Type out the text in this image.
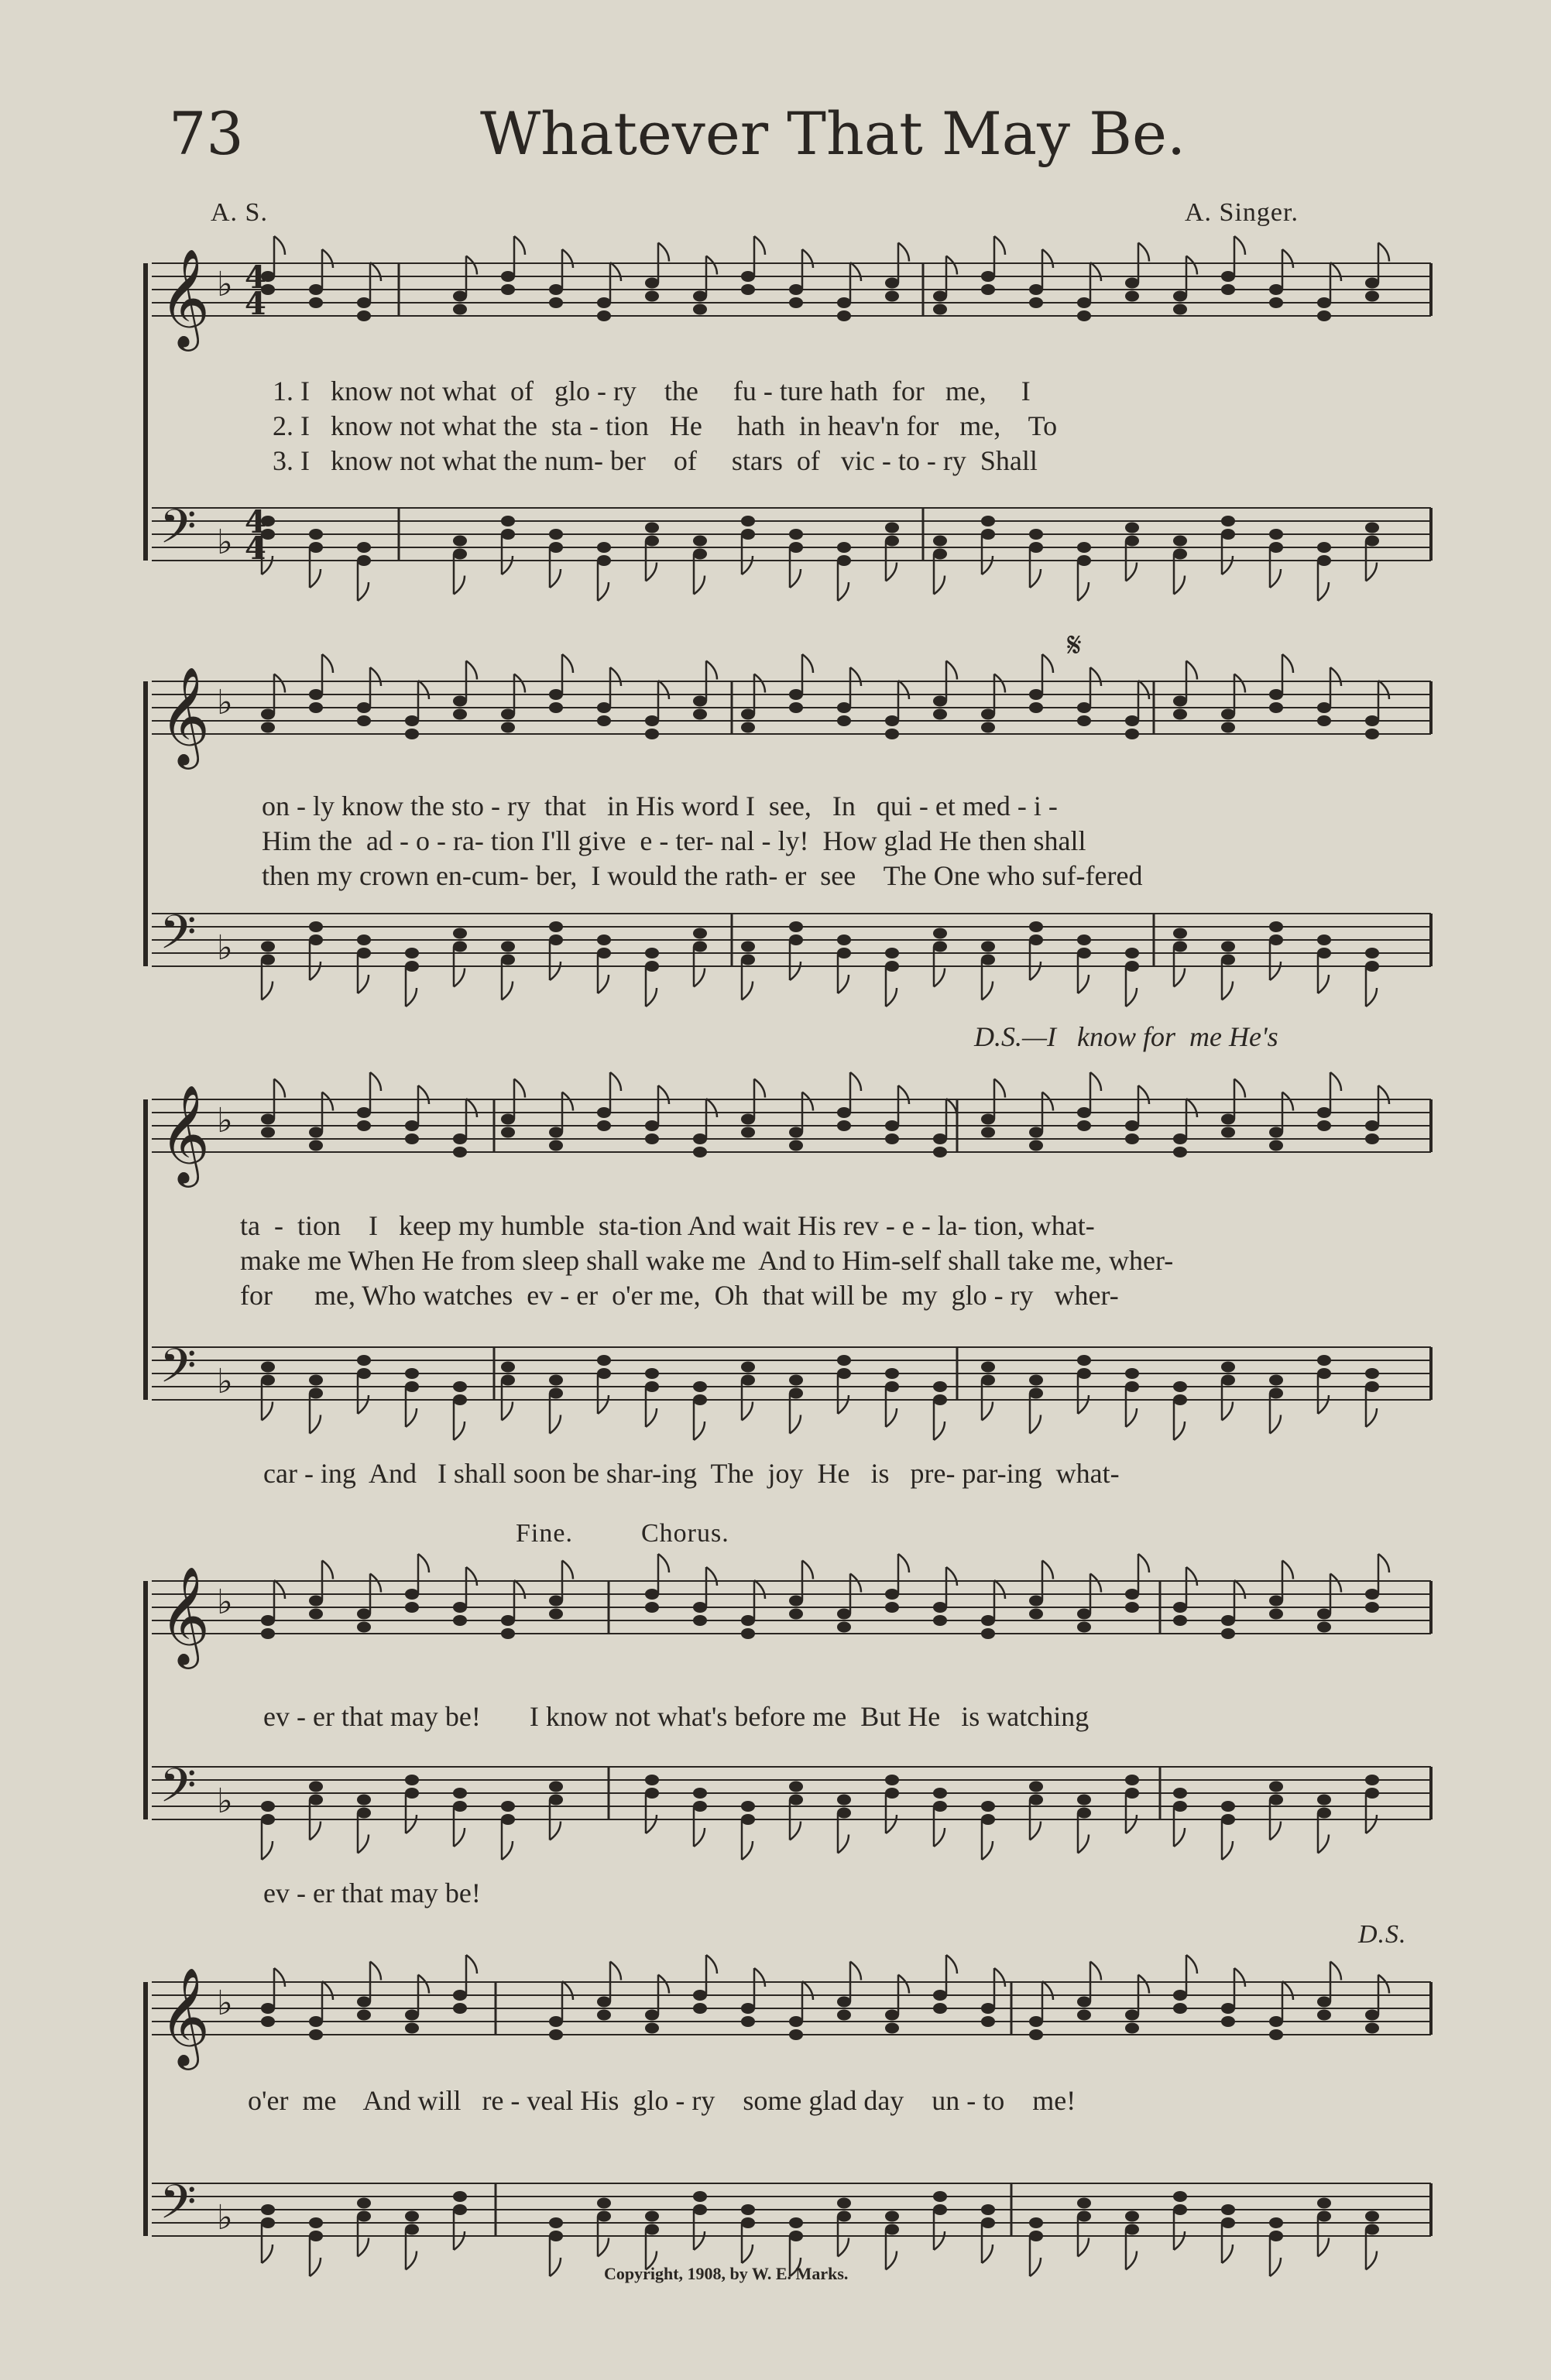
73	Whatever That May Be.
A. S.	A. Singer.
𝄞 ♭
𝄢 ♭
𝄞 ♭
𝄢 ♭
𝄞 ♭
𝄢 ♭
𝄞 ♭
𝄢 ♭
𝄞 ♭
𝄢 ♭
4
4
4
4
1. I   know not what  of   glo - ry    the     fu - ture hath  for   me,     I
2. I   know not what the  sta - tion   He     hath  in heav'n for   me,    To
3. I   know not what the num- ber    of     stars  of   vic - to - ry  Shall
on - ly know the sto - ry  that   in His word I  see,   In   qui - et med - i -
Him the  ad - o - ra- tion I'll give  e - ter- nal - ly!  How glad He then shall
then my crown en-cum- ber,  I would the rath- er  see    The One who suf-fered
𝄋
D.S.—I   know for  me He's
ta  -  tion    I   keep my humble  sta-tion And wait His rev - e - la- tion, what-
make me When He from sleep shall wake me  And to Him-self shall take me, wher-
for      me, Who watches  ev - er  o'er me,  Oh  that will be  my  glo - ry   wher-
car - ing  And   I shall soon be shar-ing  The  joy  He   is   pre- par-ing  what-
Fine.	Chorus.
ev - er that may be!       I know not what's before me  But He   is watching
ev - er that may be!
D.S.
o'er  me    And will   re - veal His  glo - ry    some glad day    un - to    me!
Copyright, 1908, by W. E. Marks.
